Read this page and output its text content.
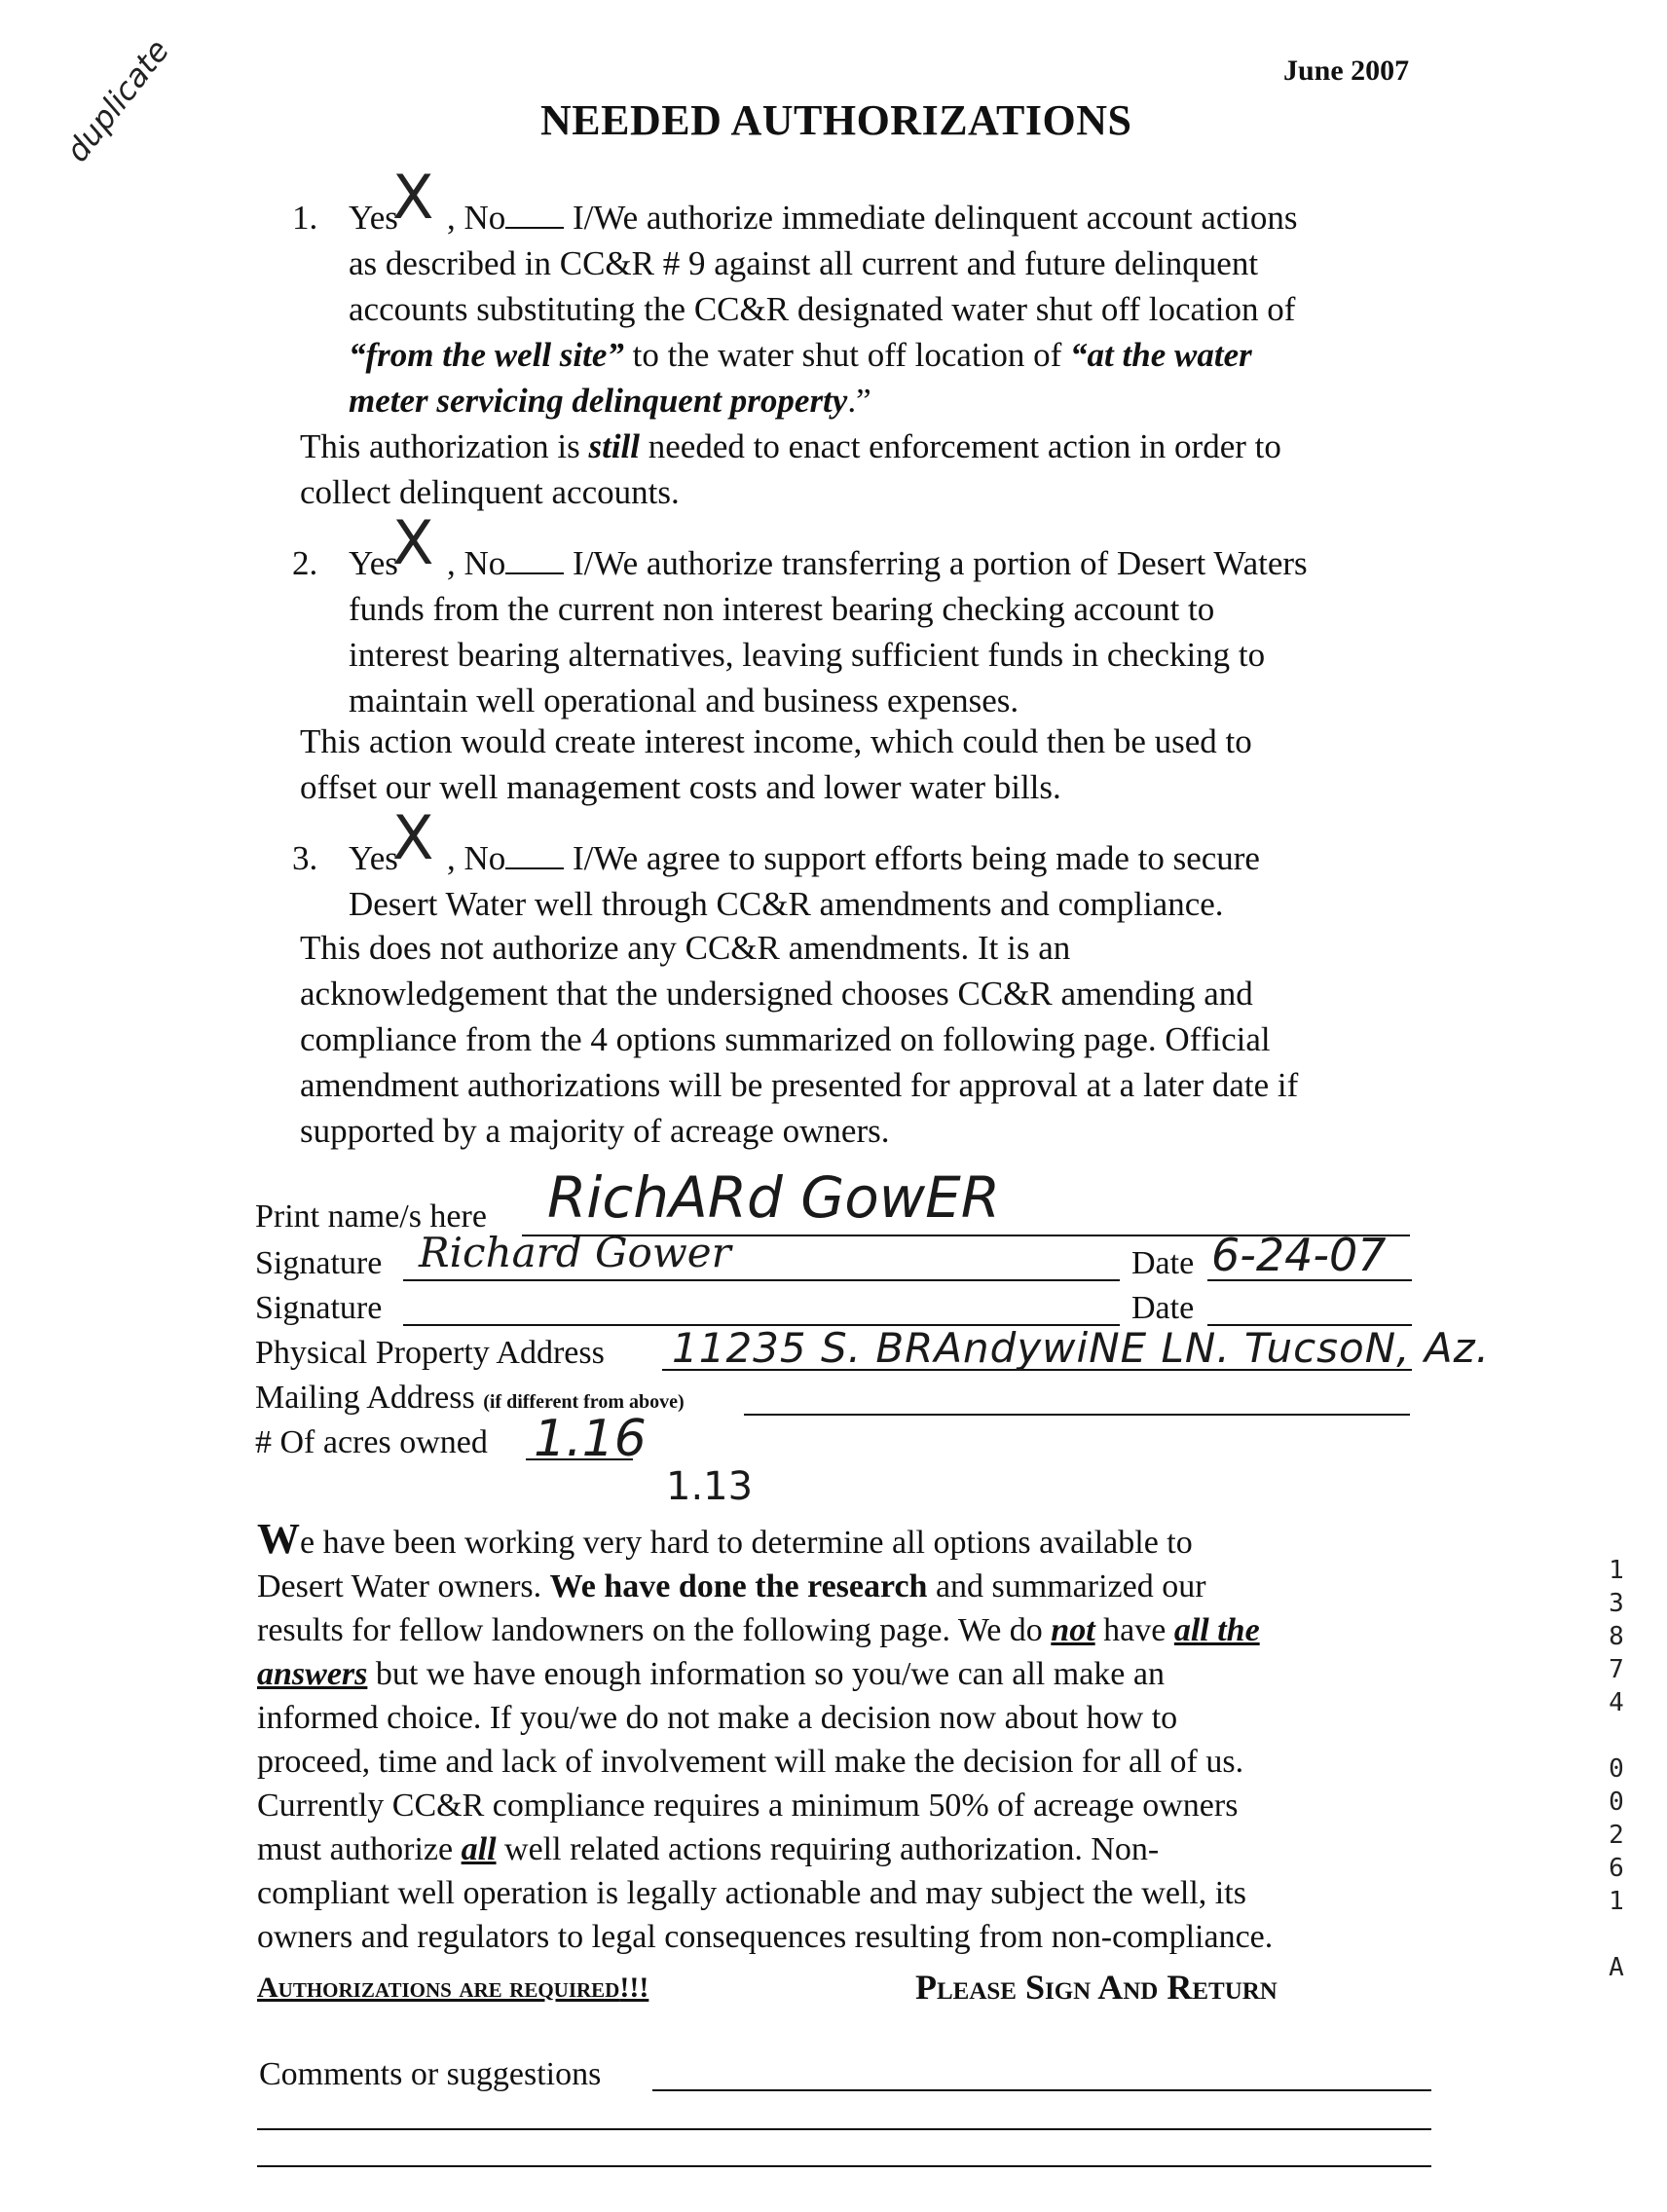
June 2007
NEEDED AUTHORIZATIONS
duplicate
1. Yes
X , No I/We authorize immediate delinquent account actions
as described in CC&R # 9 against all current and future delinquent
accounts substituting the CC&R designated water shut off location of
“from the well site” to the water shut off location of “at the water
meter servicing delinquent property.”
This authorization is still needed to enact enforcement action in order to
collect delinquent accounts.
2. Yes
X , No I/We authorize transferring a portion of Desert Waters
funds from the current non interest bearing checking account to
interest bearing alternatives, leaving sufficient funds in checking to
maintain well operational and business expenses.
This action would create interest income, which could then be used to
offset our well management costs and lower water bills.
3. Yes
X , No I/We agree to support efforts being made to secure
Desert Water well through CC&R amendments and compliance.
This does not authorize any CC&R amendments. It is an
acknowledgement that the undersigned chooses CC&R amending and
compliance from the 4 options summarized on following page. Official
amendment authorizations will be presented for approval at a later date if
supported by a majority of acreage owners.
Print name/s here RichARd GowER
Signature Richard Gower	Date 6-24-07
Signature	Date
Physical Property Address 11235 S. BRAndywiNE LN. TucsoN, Az.
Mailing Address (if different from above)
# Of acres owned 1.16
1.13
We have been working very hard to determine all options available to
Desert Water owners. We have done the research and summarized our
results for fellow landowners on the following page. We do not have all the
answers but we have enough information so you/we can all make an
informed choice. If you/we do not make a decision now about how to
proceed, time and lack of involvement will make the decision for all of us.
Currently CC&R compliance requires a minimum 50% of acreage owners
must authorize all well related actions requiring authorization. Non-
compliant well operation is legally actionable and may subject the well, its
owners and regulators to legal consequences resulting from non-compliance.
1
3
8
7
4

0
0
2
6
1

A
Authorizations are required!!!	Please Sign And Return
Comments or suggestions
